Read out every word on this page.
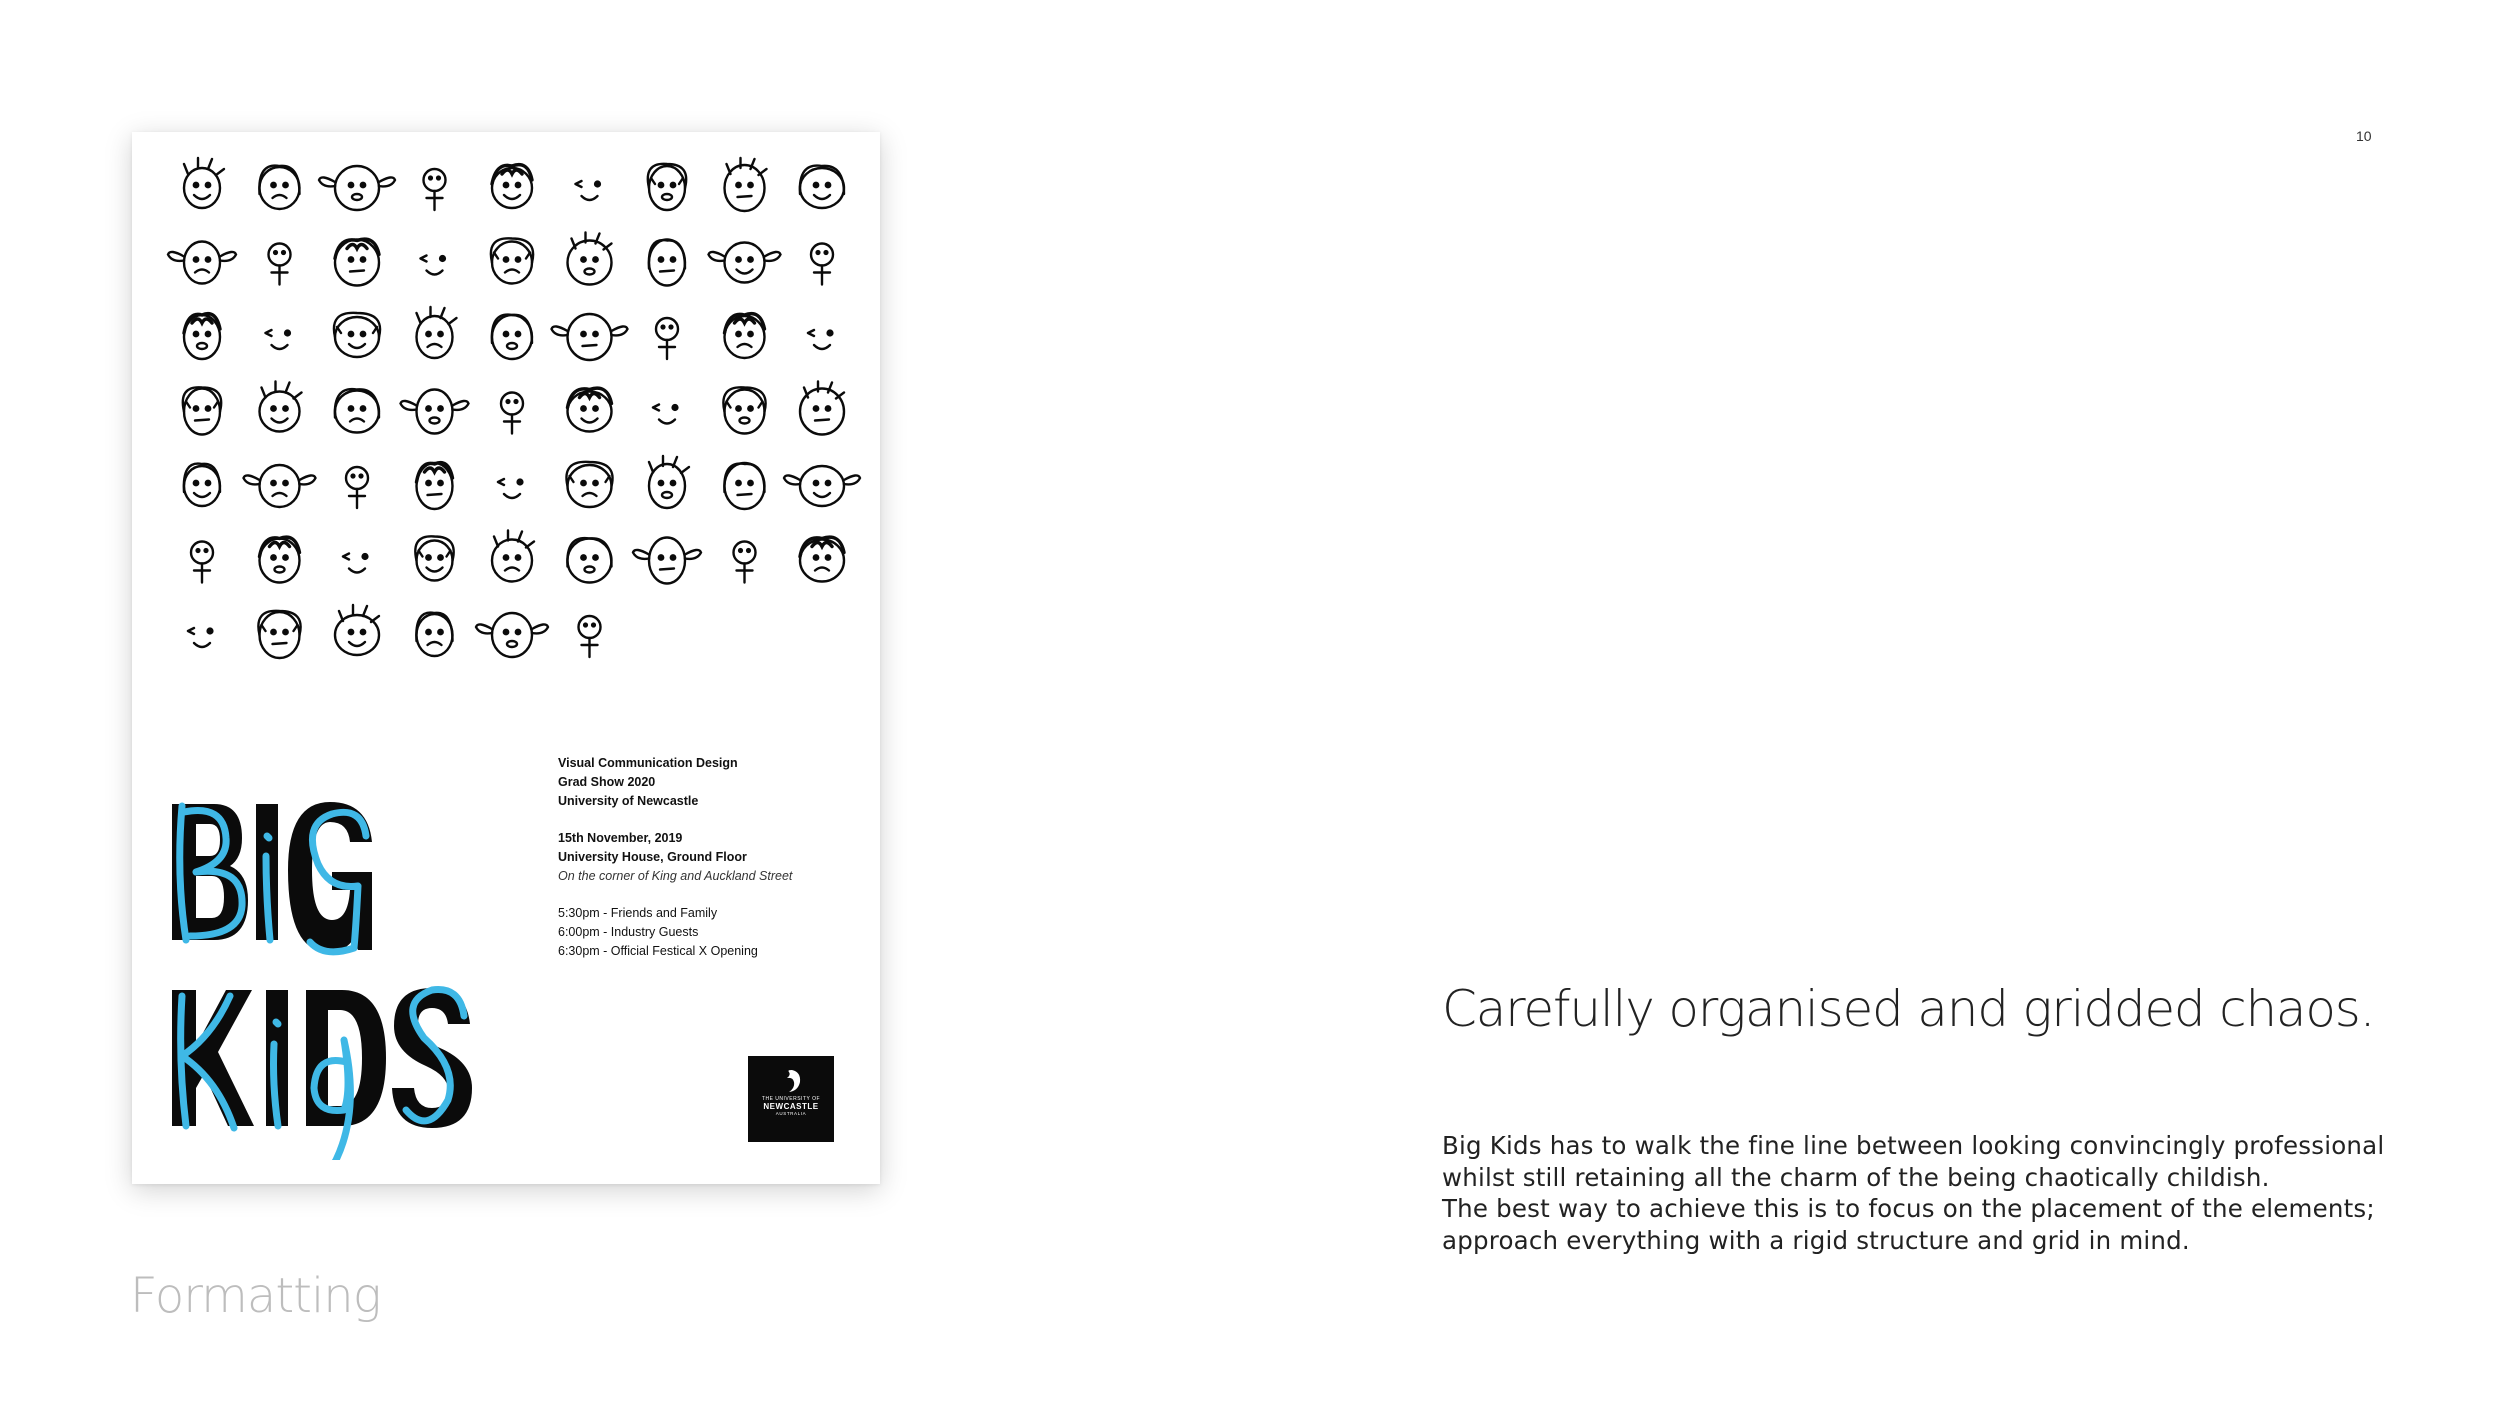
10
Visual Communication Design
Grad Show 2020
University of Newcastle
15th November, 2019
University House, Ground Floor
On the corner of King and Auckland Street
5:30pm - Friends and Family
6:00pm - Industry Guests
6:30pm - Official Festical X Opening
THE UNIVERSITY OF
NEWCASTLE
AUSTRALIA
Carefully organised and gridded chaos.
Big Kids has to walk the fine line between looking convincingly professional
whilst still retaining all the charm of the being chaotically childish.
The best way to achieve this is to focus on the placement of the elements;
approach everything with a rigid structure and grid in mind.
Formatting
